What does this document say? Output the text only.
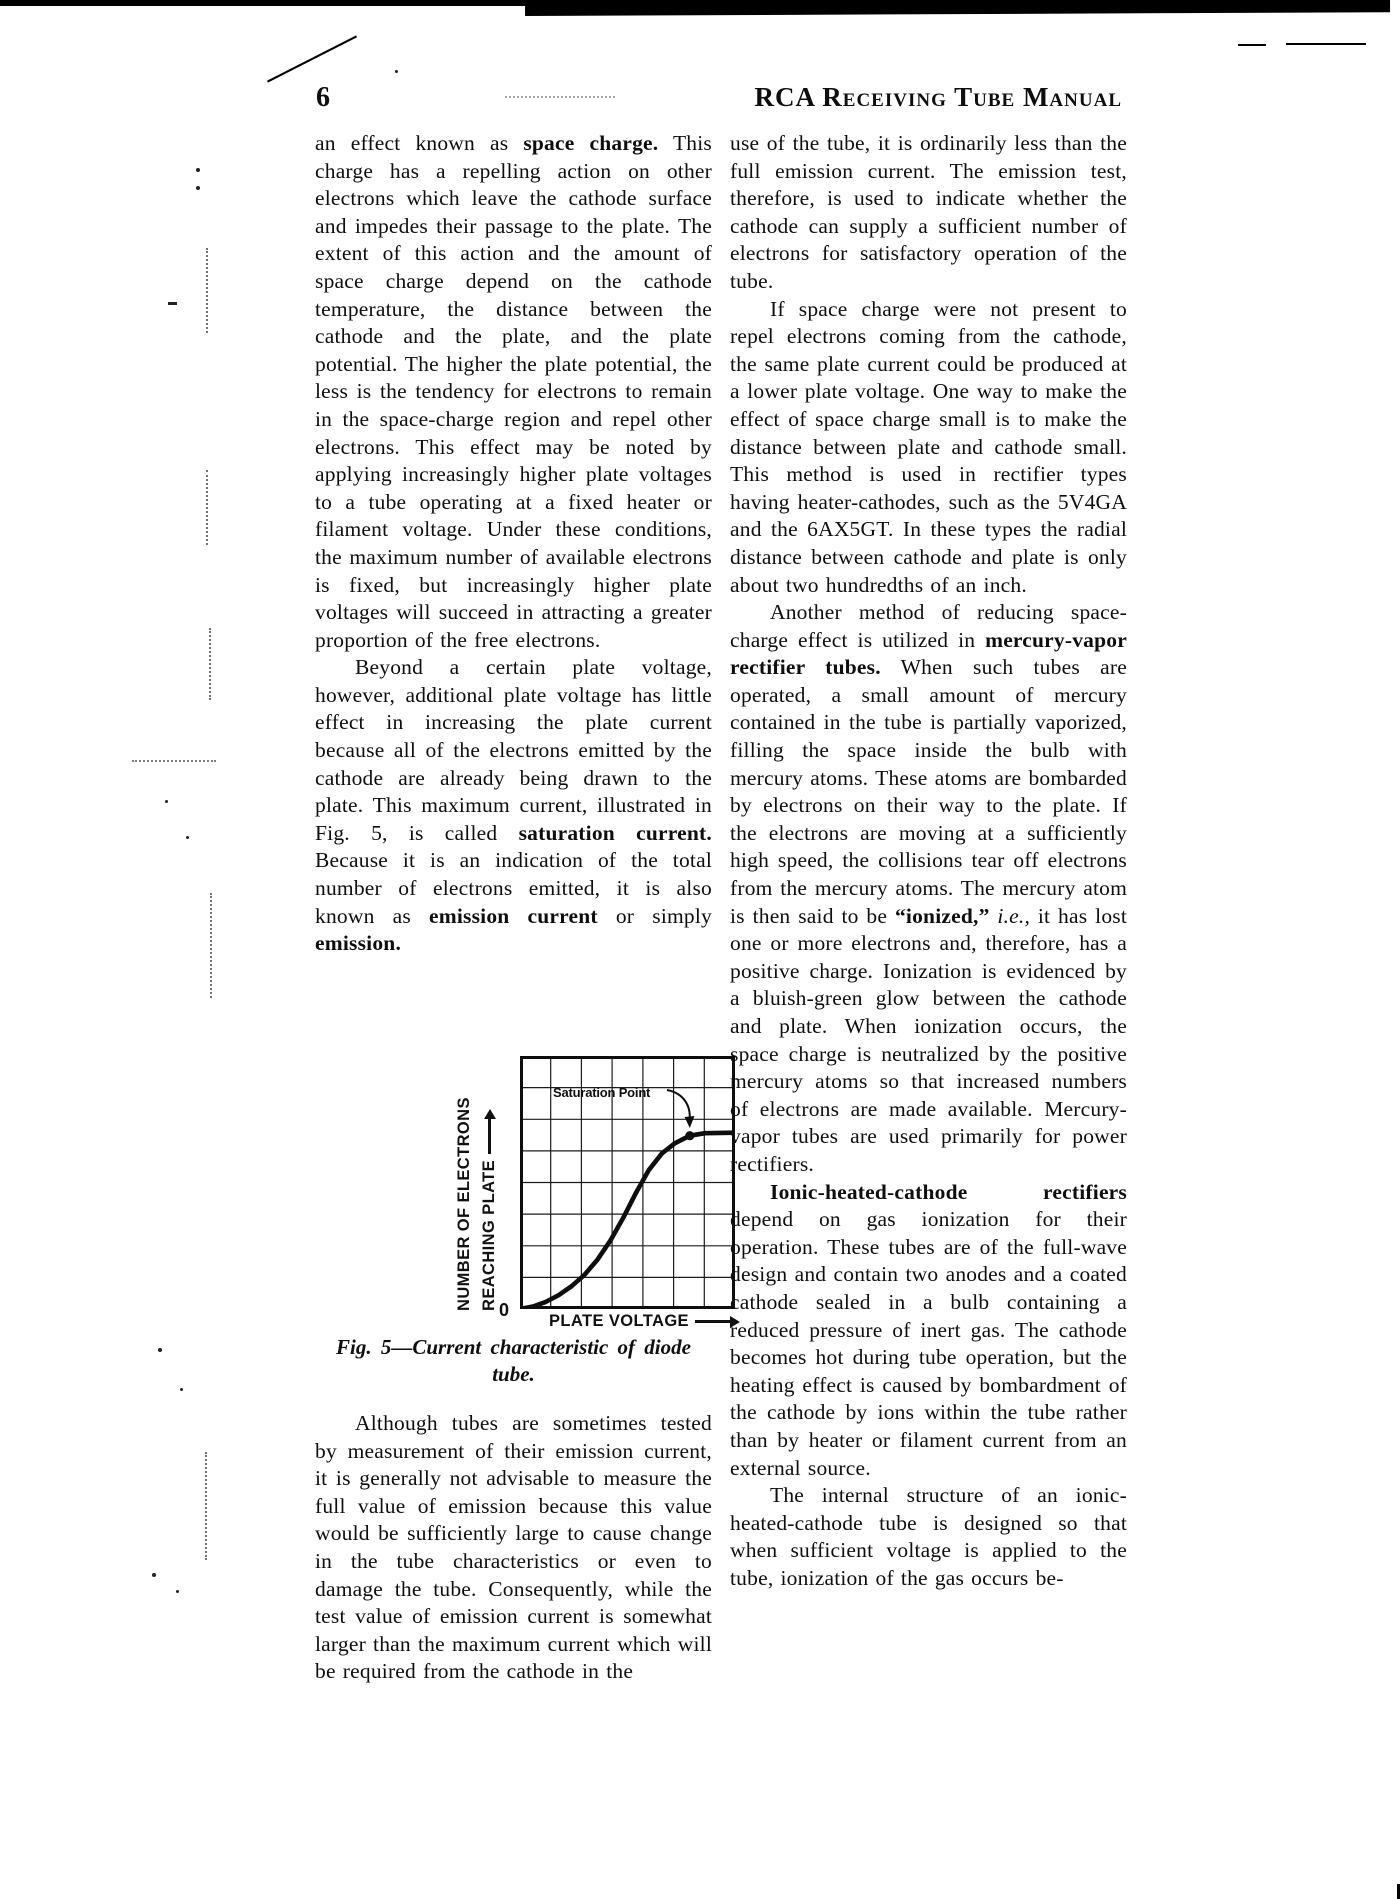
6	RCA Receiving Tube Manual

an effect known as space charge. This charge has a repelling action on other electrons which leave the cathode surface and impedes their passage to the plate. The extent of this action and the amount of space charge depend on the cathode temperature, the distance between the cathode and the plate, and the plate potential. The higher the plate potential, the less is the tendency for electrons to remain in the space-charge region and repel other electrons. This effect may be noted by applying increasingly higher plate voltages to a tube operating at a fixed heater or filament voltage. Under these conditions, the maximum number of available electrons is fixed, but increasingly higher plate voltages will succeed in attracting a greater proportion of the free electrons.

Beyond a certain plate voltage, however, additional plate voltage has little effect in increasing the plate current because all of the electrons emitted by the cathode are already being drawn to the plate. This maximum current, illustrated in Fig. 5, is called saturation current. Because it is an indication of the total number of electrons emitted, it is also known as emission current or simply emission.

NUMBER OF ELECTRONS REACHING PLATE
Saturation Point
0
PLATE VOLTAGE
Fig. 5—Current characteristic of diode tube.

Although tubes are sometimes tested by measurement of their emission current, it is generally not advisable to measure the full value of emission because this value would be sufficiently large to cause change in the tube characteristics or even to damage the tube. Consequently, while the test value of emission current is somewhat larger than the maximum current which will be required from the cathode in the

use of the tube, it is ordinarily less than the full emission current. The emission test, therefore, is used to indicate whether the cathode can supply a sufficient number of electrons for satisfactory operation of the tube.

If space charge were not present to repel electrons coming from the cathode, the same plate current could be produced at a lower plate voltage. One way to make the effect of space charge small is to make the distance between plate and cathode small. This method is used in rectifier types having heater-cathodes, such as the 5V4GA and the 6AX5GT. In these types the radial distance between cathode and plate is only about two hundredths of an inch.

Another method of reducing space-charge effect is utilized in mercury-vapor rectifier tubes. When such tubes are operated, a small amount of mercury contained in the tube is partially vaporized, filling the space inside the bulb with mercury atoms. These atoms are bombarded by electrons on their way to the plate. If the electrons are moving at a sufficiently high speed, the collisions tear off electrons from the mercury atoms. The mercury atom is then said to be “ionized,” i.e., it has lost one or more electrons and, therefore, has a positive charge. Ionization is evidenced by a bluish-green glow between the cathode and plate. When ionization occurs, the space charge is neutralized by the positive mercury atoms so that increased numbers of electrons are made available. Mercury-vapor tubes are used primarily for power rectifiers.

Ionic-heated-cathode rectifiers depend on gas ionization for their operation. These tubes are of the full-wave design and contain two anodes and a coated cathode sealed in a bulb containing a reduced pressure of inert gas. The cathode becomes hot during tube operation, but the heating effect is caused by bombardment of the cathode by ions within the tube rather than by heater or filament current from an external source.

The internal structure of an ionic-heated-cathode tube is designed so that when sufficient voltage is applied to the tube, ionization of the gas occurs be-
